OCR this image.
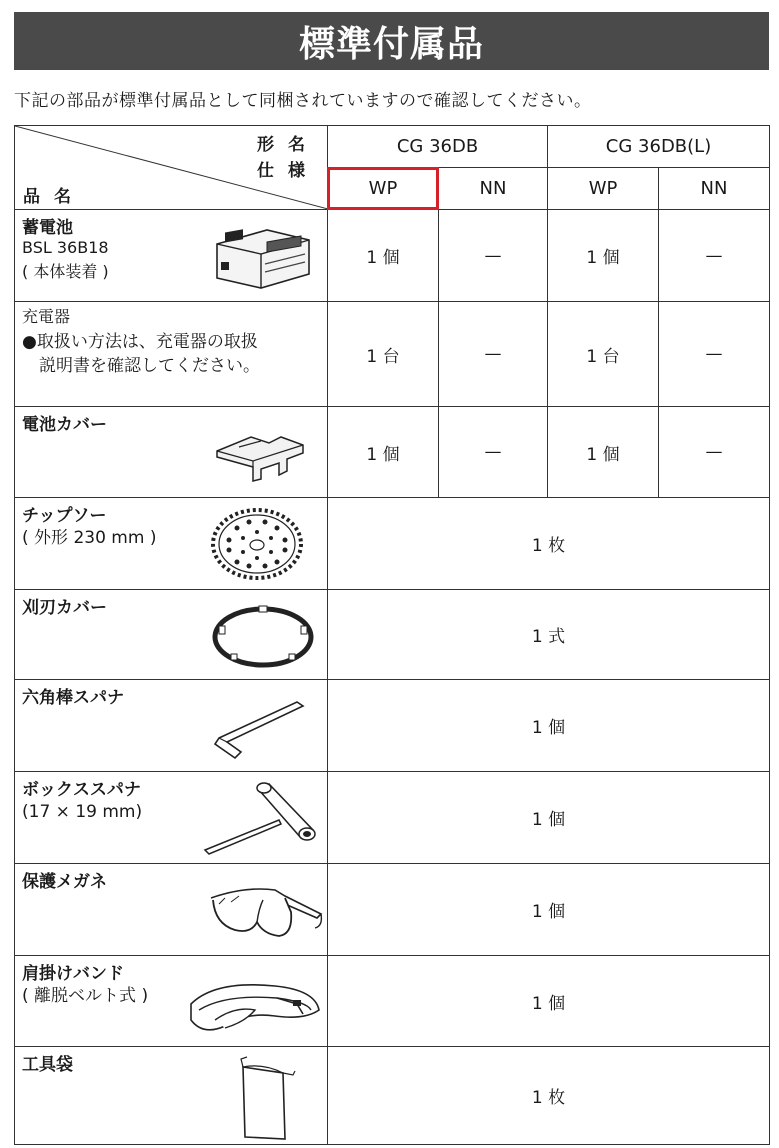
標準付属品
下記の部品が標準付属品として同梱されていますので確認してください。
形名
仕様
品名	CG 36DB		CG 36DB(L)	

WP	NN	WP	NN

蓄電池
BSL 36B18
( 本体装着 )	1 個	—	1 個	—

充電器
●取扱い方法は、充電器の取扱
　説明書を確認してください。	1 台	—	1 台	—

電池カバー	1 個	—	1 個	—

チップソー
( 外形 230 mm )	1 枚			

刈刃カバー	1 式			

六角棒スパナ	1 個			

ボックススパナ
(17 × 19 mm)	1 個			

保護メガネ	1 個			

肩掛けバンド
( 離脱ベルト式 )	1 個			

工具袋	1 枚			
